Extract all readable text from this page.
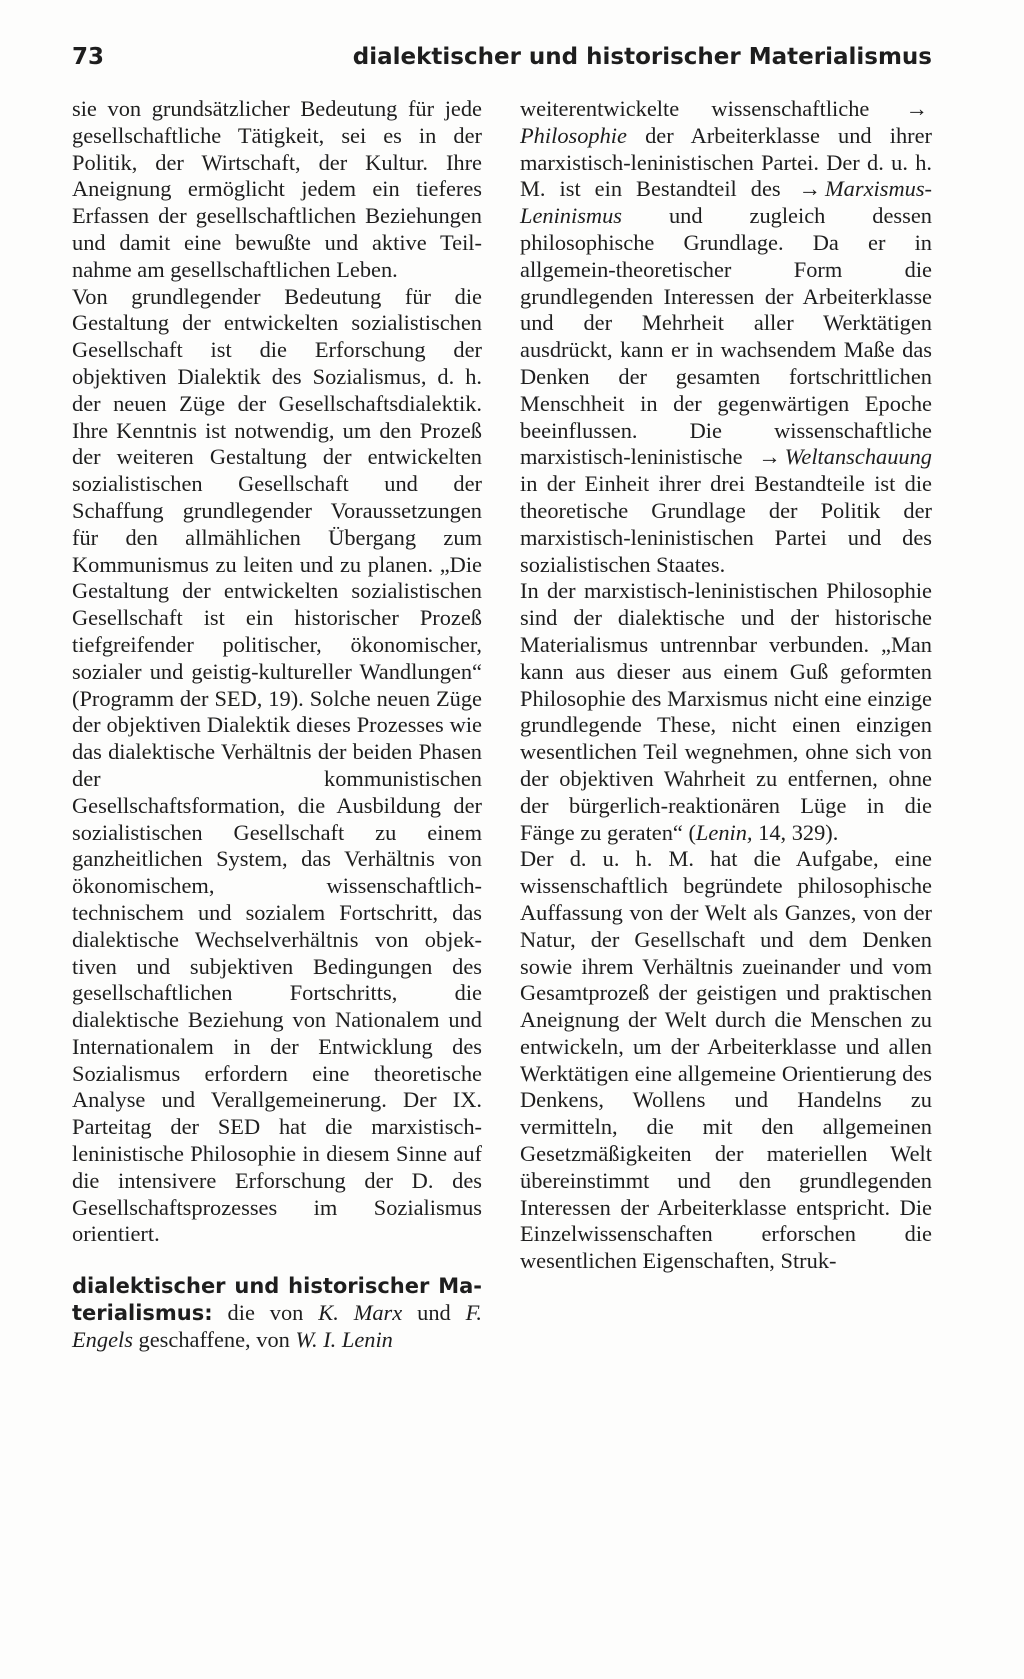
73	dialektischer und historischer Materialismus

sie von grundsätzlicher Bedeutung für jede gesellschaftliche Tätigkeit, sei es in der Politik, der Wirtschaft, der Kultur. Ihre Aneignung ermöglicht jedem ein tieferes Erfassen der gesellschaftlichen Beziehungen und damit eine bewußte und aktive Teilnahme am gesellschaftlichen Leben.

Von grundlegender Bedeutung für die Gestaltung der entwickelten sozialistischen Gesellschaft ist die Erforschung der objektiven Dialektik des Sozialismus, d. h. der neuen Züge der Gesellschaftsdialektik. Ihre Kenntnis ist notwendig, um den Prozeß der weiteren Gestaltung der entwickelten sozialistischen Gesellschaft und der Schaffung grundlegender Voraussetzungen für den allmählichen Übergang zum Kommunismus zu leiten und zu planen. „Die Gestaltung der entwickelten sozialistischen Gesellschaft ist ein historischer Prozeß tiefgreifender politischer, ökonomischer, sozialer und geistig-kultureller Wandlungen“ (Programm der SED, 19). Solche neuen Züge der objektiven Dialektik dieses Prozesses wie das dialektische Verhältnis der beiden Phasen der kommunistischen Gesellschaftsformation, die Ausbildung der sozialistischen Gesellschaft zu einem ganzheitlichen System, das Verhältnis von ökonomischem, wissenschaftlich-technischem und sozialem Fortschritt, das dialektische Wechselverhältnis von objektiven und subjektiven Bedingungen des gesellschaftlichen Fortschritts, die dialektische Beziehung von Nationalem und Internationalem in der Entwicklung des Sozialismus erfordern eine theoretische Analyse und Verallgemeinerung. Der IX. Parteitag der SED hat die marxistisch-leninistische Philosophie in diesem Sinne auf die intensivere Erforschung der D. des Gesellschaftsprozesses im Sozialismus orientiert.

dialektischer und historischer Materialismus: die von K. Marx und F. Engels geschaffene, von W. I. Lenin

weiterentwickelte wissenschaftliche →Philosophie der Arbeiterklasse und ihrer marxistisch-leninistischen Partei. Der d. u. h. M. ist ein Bestandteil des → Marxismus-Leninismus und zugleich dessen philosophische Grundlage. Da er in allgemein-theoretischer Form die grundlegenden Interessen der Arbeiterklasse und der Mehrheit aller Werktätigen ausdrückt, kann er in wachsendem Maße das Denken der gesamten fortschrittlichen Menschheit in der gegenwärtigen Epoche beeinflussen. Die wissenschaftliche marxistisch-leninistische → Weltanschauung in der Einheit ihrer drei Bestandteile ist die theoretische Grundlage der Politik der marxistisch-leninistischen Partei und des sozialistischen Staates.

In der marxistisch-leninistischen Philosophie sind der dialektische und der historische Materialismus untrennbar verbunden. „Man kann aus dieser aus einem Guß geformten Philosophie des Marxismus nicht eine einzige grundlegende These, nicht einen einzigen wesentlichen Teil wegnehmen, ohne sich von der objektiven Wahrheit zu entfernen, ohne der bürgerlich-reaktionären Lüge in die Fänge zu geraten“ (Lenin, 14, 329).

Der d. u. h. M. hat die Aufgabe, eine wissenschaftlich begründete philosophische Auffassung von der Welt als Ganzes, von der Natur, der Gesellschaft und dem Denken sowie ihrem Verhältnis zueinander und vom Gesamtprozeß der geistigen und praktischen Aneignung der Welt durch die Menschen zu entwickeln, um der Arbeiterklasse und allen Werktätigen eine allgemeine Orientierung des Denkens, Wollens und Handelns zu vermitteln, die mit den allgemeinen Gesetzmäßigkeiten der materiellen Welt übereinstimmt und den grundlegenden Interessen der Arbeiterklasse entspricht. Die Einzelwissenschaften erforschen die wesentlichen Eigenschaften, Struk-
